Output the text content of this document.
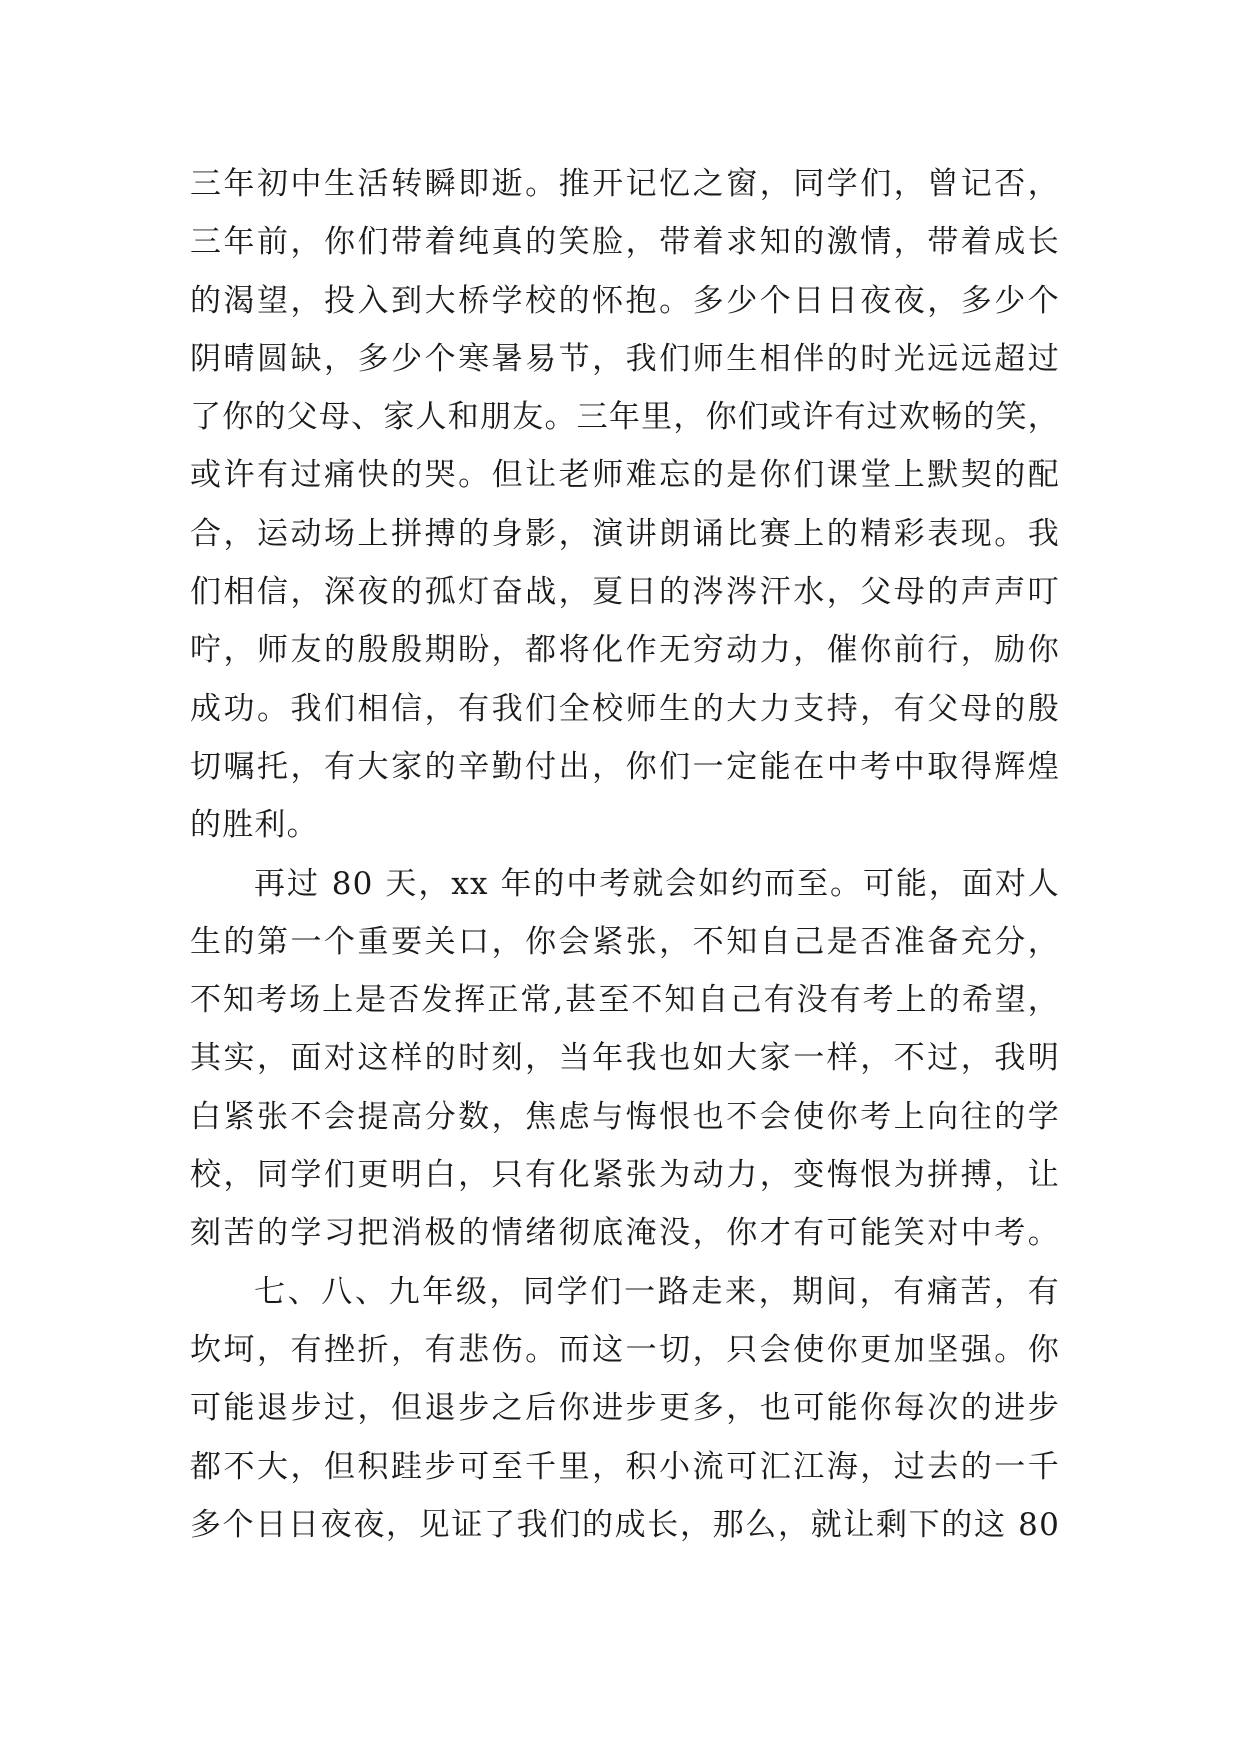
三年初中生活转瞬即逝。推开记忆之窗，同学们，曾记否，
三年前，你们带着纯真的笑脸，带着求知的激情，带着成长
的渴望，投入到大桥学校的怀抱。多少个日日夜夜，多少个
阴晴圆缺，多少个寒暑易节，我们师生相伴的时光远远超过
了你的父母、家人和朋友。三年里，你们或许有过欢畅的笑，
或许有过痛快的哭。但让老师难忘的是你们课堂上默契的配
合，运动场上拼搏的身影，演讲朗诵比赛上的精彩表现。我
们相信，深夜的孤灯奋战，夏日的涔涔汗水，父母的声声叮
咛，师友的殷殷期盼，都将化作无穷动力，催你前行，励你
成功。我们相信，有我们全校师生的大力支持，有父母的殷
切嘱托，有大家的辛勤付出，你们一定能在中考中取得辉煌
的胜利。
再过 80 天，xx 年的中考就会如约而至。可能，面对人
生的第一个重要关口，你会紧张，不知自己是否准备充分，
不知考场上是否发挥正常,甚至不知自己有没有考上的希望，
其实，面对这样的时刻，当年我也如大家一样，不过，我明
白紧张不会提高分数，焦虑与悔恨也不会使你考上向往的学
校，同学们更明白，只有化紧张为动力，变悔恨为拼搏，让
刻苦的学习把消极的情绪彻底淹没，你才有可能笑对中考。
七、八、九年级，同学们一路走来，期间，有痛苦，有
坎坷，有挫折，有悲伤。而这一切，只会使你更加坚强。你
可能退步过，但退步之后你进步更多，也可能你每次的进步
都不大，但积跬步可至千里，积小流可汇江海，过去的一千
多个日日夜夜，见证了我们的成长，那么，就让剩下的这 80
